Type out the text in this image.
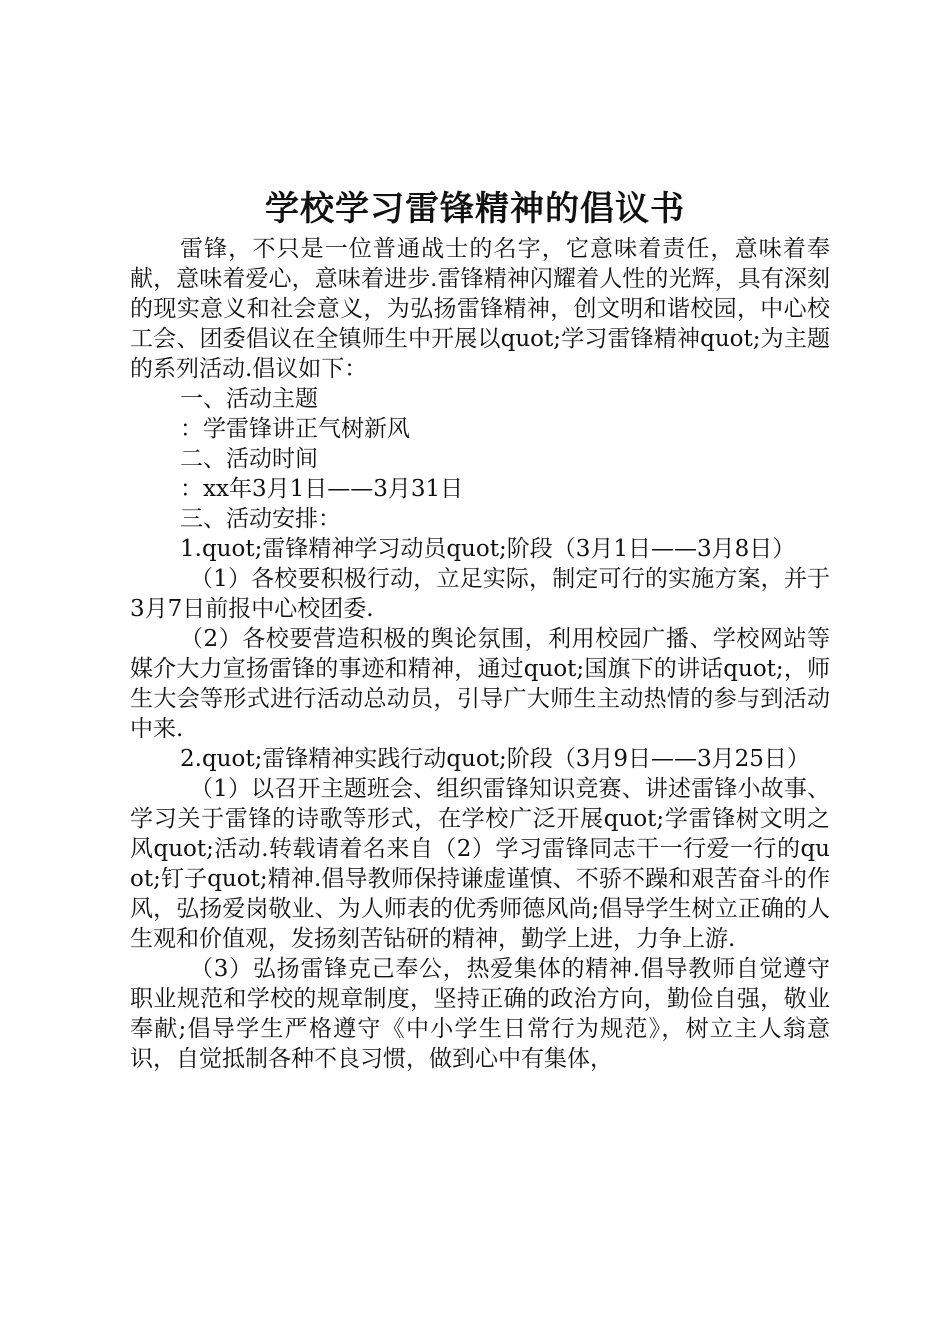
学校学习雷锋精神的倡议书

雷锋，不只是一位普通战士的名字，它意味着责任，意味着奉献，意味着爱心，意味着进步.雷锋精神闪耀着人性的光辉，具有深刻的现实意义和社会意义，为弘扬雷锋精神，创文明和谐校园，中心校工会、团委倡议在全镇师生中开展以quot;学习雷锋精神quot;为主题的系列活动.倡议如下：

一、活动主题

：学雷锋讲正气树新风

二、活动时间

：xx年3月1日——3月31日

三、活动安排：

1.quot;雷锋精神学习动员quot;阶段（3月1日——3月8日）

（1）各校要积极行动，立足实际，制定可行的实施方案，并于3月7日前报中心校团委.

（2）各校要营造积极的舆论氛围，利用校园广播、学校网站等媒介大力宣扬雷锋的事迹和精神，通过quot;国旗下的讲话quot;，师生大会等形式进行活动总动员，引导广大师生主动热情的参与到活动中来.

2.quot;雷锋精神实践行动quot;阶段（3月9日——3月25日）

（1）以召开主题班会、组织雷锋知识竞赛、讲述雷锋小故事、学习关于雷锋的诗歌等形式，在学校广泛开展quot;学雷锋树文明之风quot;活动.转载请着名来自（2）学习雷锋同志干一行爱一行的quot;钉子quot;精神.倡导教师保持谦虚谨慎、不骄不躁和艰苦奋斗的作风，弘扬爱岗敬业、为人师表的优秀师德风尚;倡导学生树立正确的人生观和价值观，发扬刻苦钻研的精神，勤学上进，力争上游.

（3）弘扬雷锋克己奉公，热爱集体的精神.倡导教师自觉遵守职业规范和学校的规章制度，坚持正确的政治方向，勤俭自强，敬业奉献;倡导学生严格遵守《中小学生日常行为规范》，树立主人翁意识，自觉抵制各种不良习惯，做到心中有集体，
